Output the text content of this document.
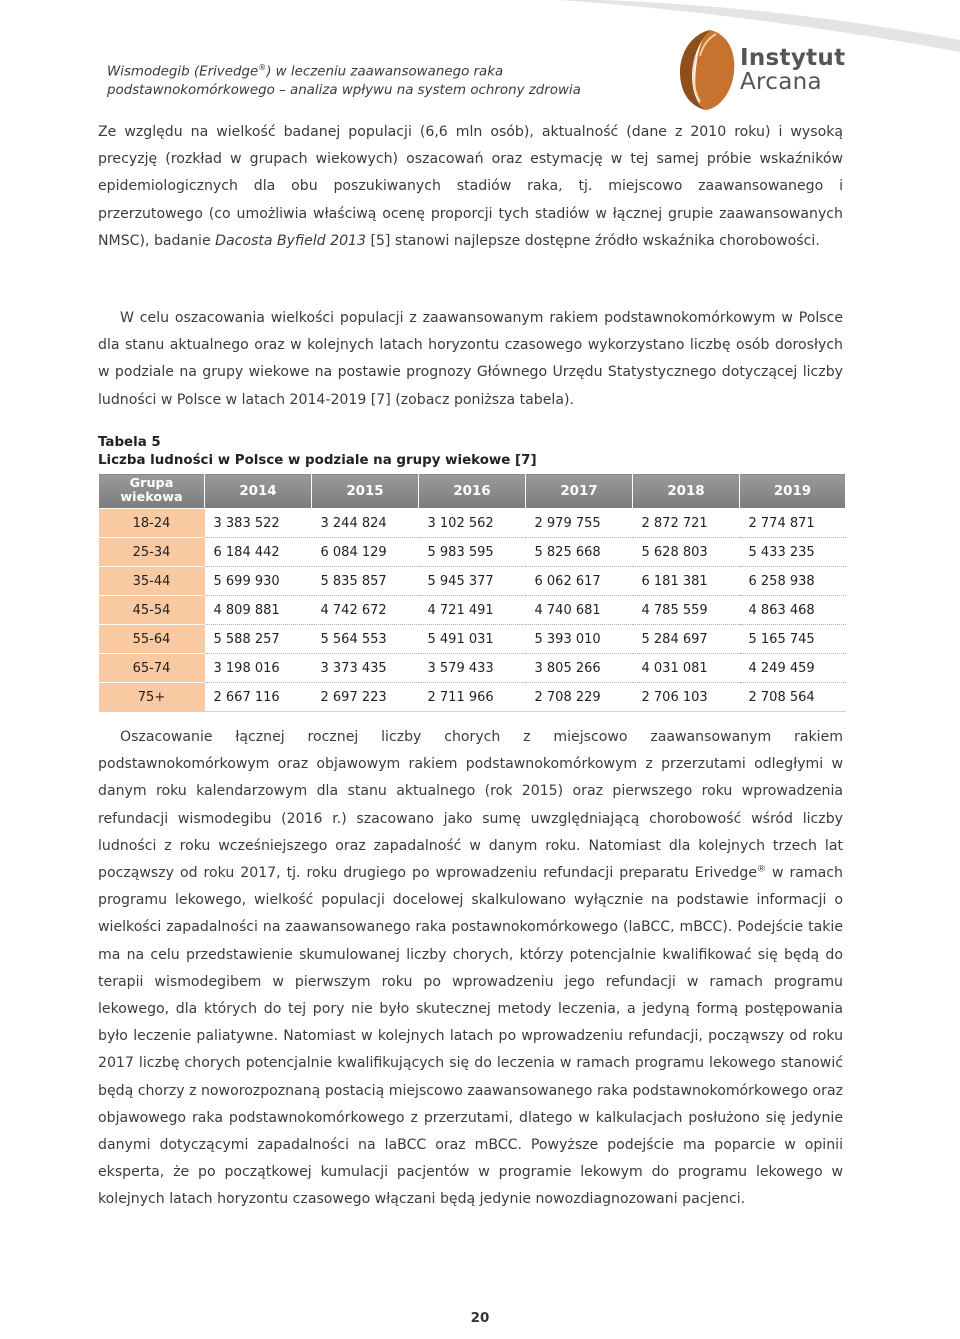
Wismodegib (Erivedge®) w leczeniu zaawansowanego raka
podstawnokomórkowego – analiza wpływu na system ochrony zdrowia
Instytut
Arcana

Ze względu na wielkość badanej populacji (6,6 mln osób), aktualność (dane z 2010 roku) i wysoką precyzję (rozkład w grupach wiekowych) oszacowań oraz estymację w tej samej próbie wskaźników epidemiologicznych dla obu poszukiwanych stadiów raka, tj. miejscowo zaawansowanego i przerzutowego (co umożliwia właściwą ocenę proporcji tych stadiów w łącznej grupie zaawansowanych NMSC), badanie Dacosta Byfield 2013 [5] stanowi najlepsze dostępne źródło wskaźnika chorobowości.

W celu oszacowania wielkości populacji z zaawansowanym rakiem podstawnokomórkowym w Polsce dla stanu aktualnego oraz w kolejnych latach horyzontu czasowego wykorzystano liczbę osób dorosłych w podziale na grupy wiekowe na postawie prognozy Głównego Urzędu Statystycznego dotyczącej liczby ludności w Polsce w latach 2014-2019 [7] (zobacz poniższa tabela).

Tabela 5
Liczba ludności w Polsce w podziale na grupy wiekowe [7]
Grupa wiekowa	2014	2015	2016	2017	2018	2019
18-24	3 383 522	3 244 824	3 102 562	2 979 755	2 872 721	2 774 871
25-34	6 184 442	6 084 129	5 983 595	5 825 668	5 628 803	5 433 235
35-44	5 699 930	5 835 857	5 945 377	6 062 617	6 181 381	6 258 938
45-54	4 809 881	4 742 672	4 721 491	4 740 681	4 785 559	4 863 468
55-64	5 588 257	5 564 553	5 491 031	5 393 010	5 284 697	5 165 745
65-74	3 198 016	3 373 435	3 579 433	3 805 266	4 031 081	4 249 459
75+	2 667 116	2 697 223	2 711 966	2 708 229	2 706 103	2 708 564

Oszacowanie łącznej rocznej liczby chorych z miejscowo zaawansowanym rakiem podstawnokomórkowym oraz objawowym rakiem podstawnokomórkowym z przerzutami odległymi w danym roku kalendarzowym dla stanu aktualnego (rok 2015) oraz pierwszego roku wprowadzenia refundacji wismodegibu (2016 r.) szacowano jako sumę uwzględniającą chorobowość wśród liczby ludności z roku wcześniejszego oraz zapadalność w danym roku. Natomiast dla kolejnych trzech lat począwszy od roku 2017, tj. roku drugiego po wprowadzeniu refundacji preparatu Erivedge® w ramach programu lekowego, wielkość populacji docelowej skalkulowano wyłącznie na podstawie informacji o wielkości zapadalności na zaawansowanego raka postawnokomórkowego (laBCC, mBCC). Podejście takie ma na celu przedstawienie skumulowanej liczby chorych, którzy potencjalnie kwalifikować się będą do terapii wismodegibem w pierwszym roku po wprowadzeniu jego refundacji w ramach programu lekowego, dla których do tej pory nie było skutecznej metody leczenia, a jedyną formą postępowania było leczenie paliatywne. Natomiast w kolejnych latach po wprowadzeniu refundacji, począwszy od roku 2017 liczbę chorych potencjalnie kwalifikujących się do leczenia w ramach programu lekowego stanowić będą chorzy z noworozpoznaną postacią miejscowo zaawansowanego raka podstawnokomórkowego oraz objawowego raka podstawnokomórkowego z przerzutami, dlatego w kalkulacjach posłużono się jedynie danymi dotyczącymi zapadalności na laBCC oraz mBCC. Powyższe podejście ma poparcie w opinii eksperta, że po początkowej kumulacji pacjentów w programie lekowym do programu lekowego w kolejnych latach horyzontu czasowego włączani będą jedynie nowozdiagnozowani pacjenci.

20
